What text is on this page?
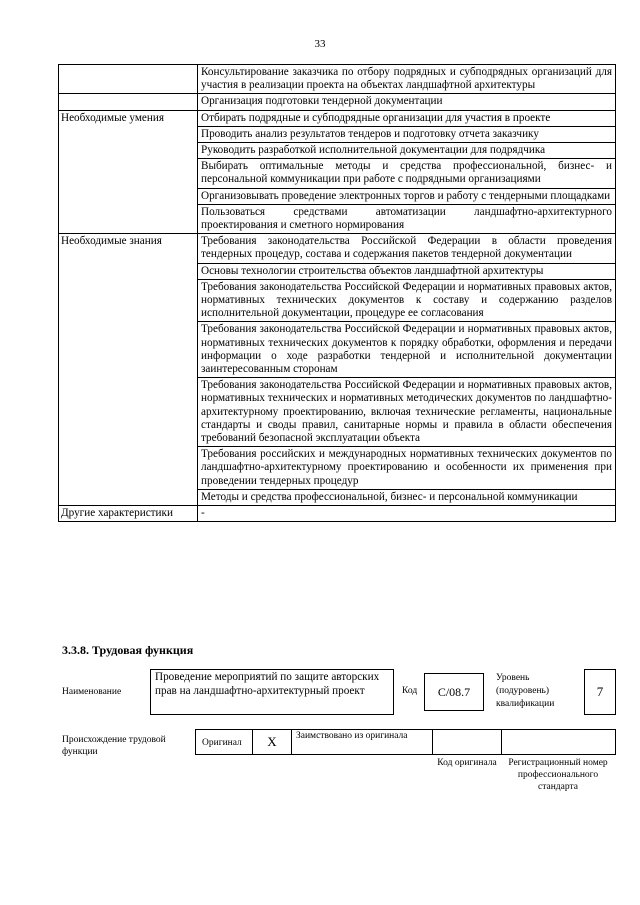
33
	Консультирование заказчика по отбору подрядных и субподрядных организаций для участия в реализации проекта на объектах ландшафтной архитектуры
	Организация подготовки тендерной документации
Необходимые умения	Отбирать подрядные и субподрядные организации для участия в проекте
	Проводить анализ результатов тендеров и подготовку отчета заказчику
	Руководить разработкой исполнительной документации для подрядчика
	Выбирать оптимальные методы и средства профессиональной, бизнес- и персональной коммуникации при работе с подрядными организациями
	Организовывать проведение электронных торгов и работу с тендерными площадками
	Пользоваться средствами автоматизации ландшафтно-архитектурного проектирования и сметного нормирования
Необходимые знания	Требования законодательства Российской Федерации в области проведения тендерных процедур, состава и содержания пакетов тендерной документации
	Основы технологии строительства объектов ландшафтной архитектуры
	Требования законодательства Российской Федерации и нормативных правовых актов, нормативных технических документов к составу и содержанию разделов исполнительной документации, процедуре ее согласования
	Требования законодательства Российской Федерации и нормативных правовых актов, нормативных технических документов к порядку обработки, оформления и передачи информации о ходе разработки тендерной и исполнительной документации заинтересованным сторонам
	Требования законодательства Российской Федерации и нормативных правовых актов, нормативных технических и нормативных методических документов по ландшафтно-архитектурному проектированию, включая технические регламенты, национальные стандарты и своды правил, санитарные нормы и правила в области обеспечения требований безопасной эксплуатации объекта
	Требования российских и международных нормативных технических документов по ландшафтно-архитектурному проектированию и особенности их применения при проведении тендерных процедур
	Методы и средства профессиональной, бизнес- и персональной коммуникации
Другие характеристики	-
3.3.8. Трудовая функция
Наименование
Проведение мероприятий по защите авторских прав на ландшафтно-архитектурный проект	Код	С/08.7
Уровень (подуровень) квалификации
7
Происхождение трудовой функции
Оригинал	Х	Заимствовано из оригинала
Код оригинала	Регистрационный номер профессионального стандарта
